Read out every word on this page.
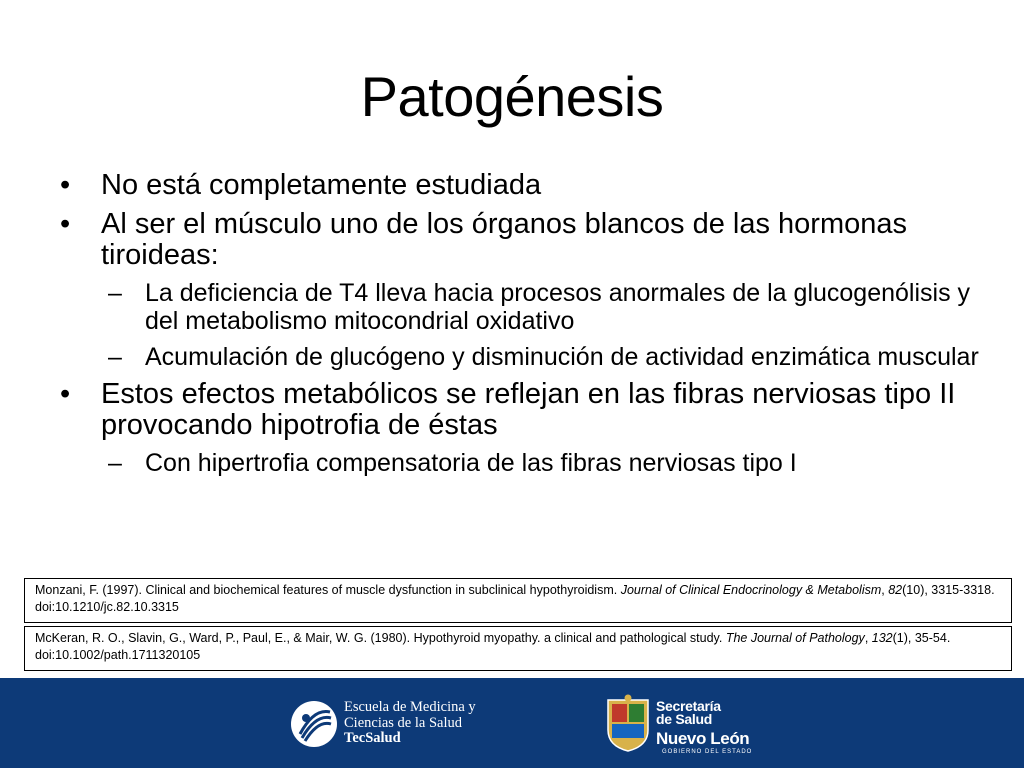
Patogénesis
• No está completamente estudiada
• Al ser el músculo uno de los órganos blancos de las hormonas tiroideas:
– La deficiencia de T4 lleva hacia procesos anormales de la glucogenólisis y del metabolismo mitocondrial oxidativo
– Acumulación de glucógeno y disminución de actividad enzimática muscular
• Estos efectos metabólicos se reflejan en las fibras nerviosas tipo II provocando hipotrofia de éstas
– Con hipertrofia compensatoria de las fibras nerviosas tipo I
Monzani, F. (1997). Clinical and biochemical features of muscle dysfunction in subclinical hypothyroidism. Journal of Clinical Endocrinology & Metabolism, 82(10), 3315-3318. doi:10.1210/jc.82.10.3315
McKeran, R. O., Slavin, G., Ward, P., Paul, E., & Mair, W. G. (1980). Hypothyroid myopathy. a clinical and pathological study. The Journal of Pathology, 132(1), 35-54. doi:10.1002/path.1711320105
Escuela de Medicina y
Ciencias de la Salud
TecSalud
Secretaría
de Salud
Nuevo León
GOBIERNO DEL ESTADO
